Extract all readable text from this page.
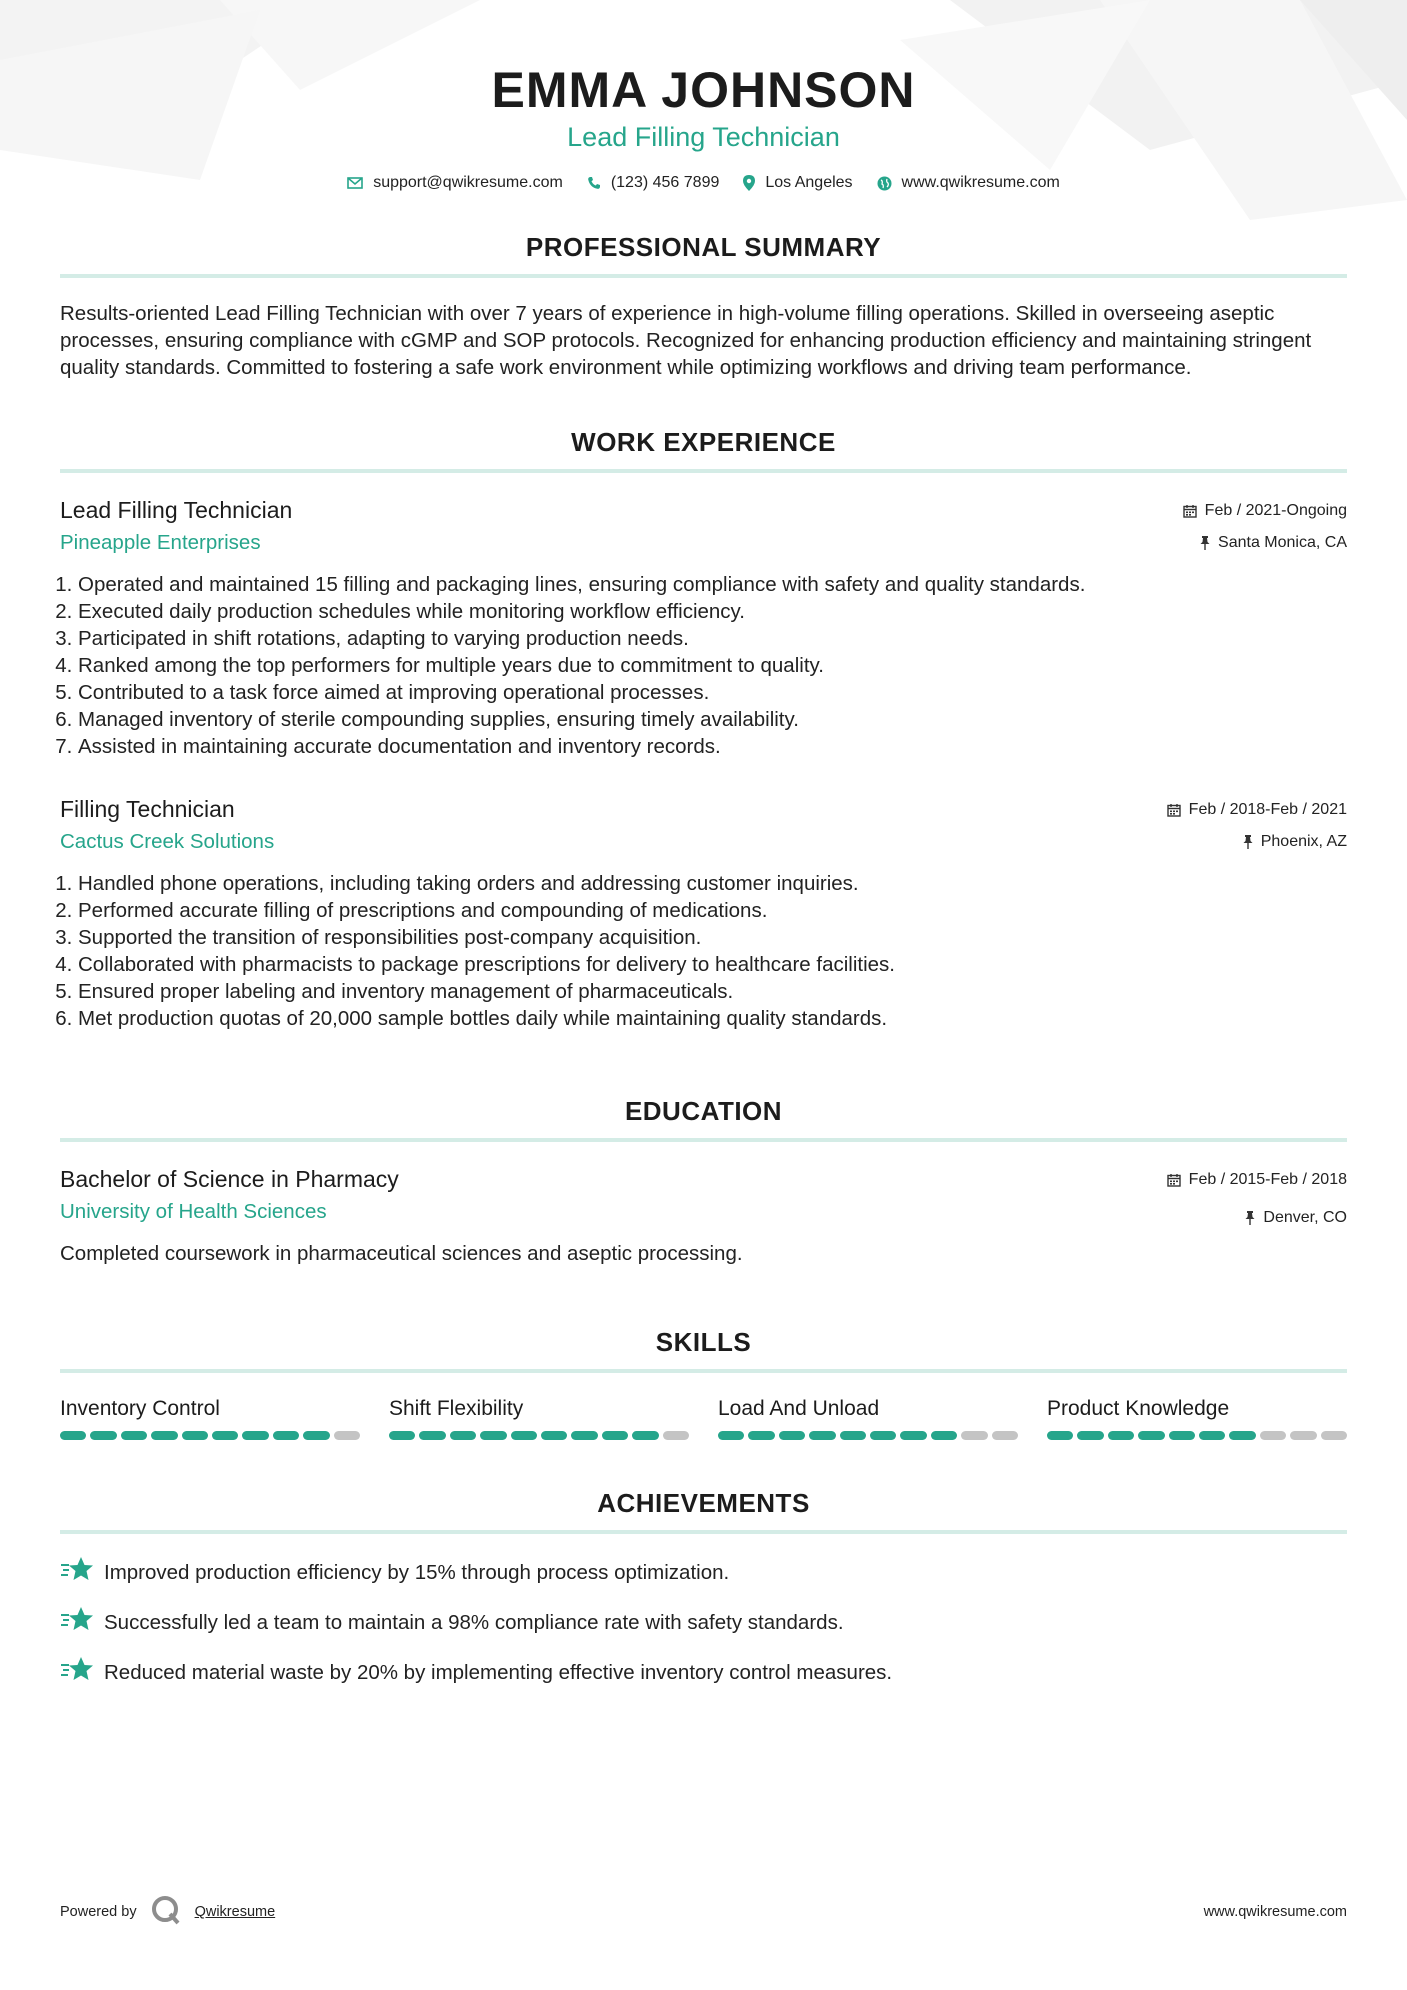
EMMA JOHNSON
Lead Filling Technician
support@qwikresume.com	(123) 456 7899	Los Angeles	www.qwikresume.com
PROFESSIONAL SUMMARY
Results-oriented Lead Filling Technician with over 7 years of experience in high-volume filling operations. Skilled in overseeing aseptic processes, ensuring compliance with cGMP and SOP protocols. Recognized for enhancing production efficiency and maintaining stringent quality standards. Committed to fostering a safe work environment while optimizing workflows and driving team performance.
WORK EXPERIENCE
Lead Filling Technician
Pineapple Enterprises
Feb / 2021-Ongoing
Santa Monica, CA
1. Operated and maintained 15 filling and packaging lines, ensuring compliance with safety and quality standards.
2. Executed daily production schedules while monitoring workflow efficiency.
3. Participated in shift rotations, adapting to varying production needs.
4. Ranked among the top performers for multiple years due to commitment to quality.
5. Contributed to a task force aimed at improving operational processes.
6. Managed inventory of sterile compounding supplies, ensuring timely availability.
7. Assisted in maintaining accurate documentation and inventory records.
Filling Technician
Cactus Creek Solutions
Feb / 2018-Feb / 2021
Phoenix, AZ
1. Handled phone operations, including taking orders and addressing customer inquiries.
2. Performed accurate filling of prescriptions and compounding of medications.
3. Supported the transition of responsibilities post-company acquisition.
4. Collaborated with pharmacists to package prescriptions for delivery to healthcare facilities.
5. Ensured proper labeling and inventory management of pharmaceuticals.
6. Met production quotas of 20,000 sample bottles daily while maintaining quality standards.
EDUCATION
Bachelor of Science in Pharmacy
University of Health Sciences
Feb / 2015-Feb / 2018
Denver, CO
Completed coursework in pharmaceutical sciences and aseptic processing.
SKILLS
Inventory Control	Shift Flexibility	Load And Unload	Product Knowledge
ACHIEVEMENTS
Improved production efficiency by 15% through process optimization.
Successfully led a team to maintain a 98% compliance rate with safety standards.
Reduced material waste by 20% by implementing effective inventory control measures.
Powered by	Qwikresume	www.qwikresume.com
